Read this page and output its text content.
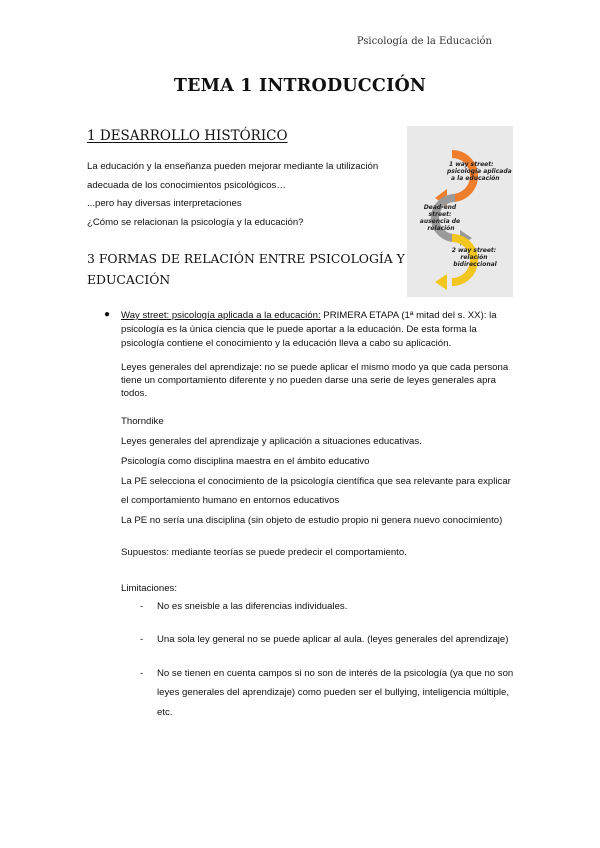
Psicología de la Educación
TEMA 1 INTRODUCCIÓN
1 DESARROLLO HISTÓRICO
La educación y la enseñanza pueden mejorar mediante la utilización
adecuada de los conocimientos psicológicos…
...pero hay diversas interpretaciones
¿Cómo se relacionan la psicología y la educación?
3 FORMAS DE RELACIÓN ENTRE PSICOLOGÍA Y EDUCACIÓN
1 way street: psicología aplicada a la educación
Dead-end street: ausencia de relación
2 way street: relación bidireccional
● Way street: psicología aplicada a la educación: PRIMERA ETAPA (1ª mitad del s. XX): la psicología es la única ciencia que le puede aportar a la educación. De esta forma la psicología contiene el conocimiento y la educación lleva a cabo su aplicación.
Leyes generales del aprendizaje: no se puede aplicar el mismo modo ya que cada persona tiene un comportamiento diferente y no pueden darse una serie de leyes generales apra todos.
Thorndike
Leyes generales del aprendizaje y aplicación a situaciones educativas.
Psicología como disciplina maestra en el ámbito educativo
La PE selecciona el conocimiento de la psicología científica que sea relevante para explicar el comportamiento humano en entornos educativos
La PE no sería una disciplina (sin objeto de estudio propio ni genera nuevo conocimiento)
Supuestos: mediante teorías se puede predecir el comportamiento.
Limitaciones:
- No es sneisble a las diferencias individuales.
- Una sola ley general no se puede aplicar al aula. (leyes generales del aprendizaje)
- No se tienen en cuenta campos si no son de interés de la psicología (ya que no son leyes generales del aprendizaje) como pueden ser el bullying, inteligencia múltiple, etc.
